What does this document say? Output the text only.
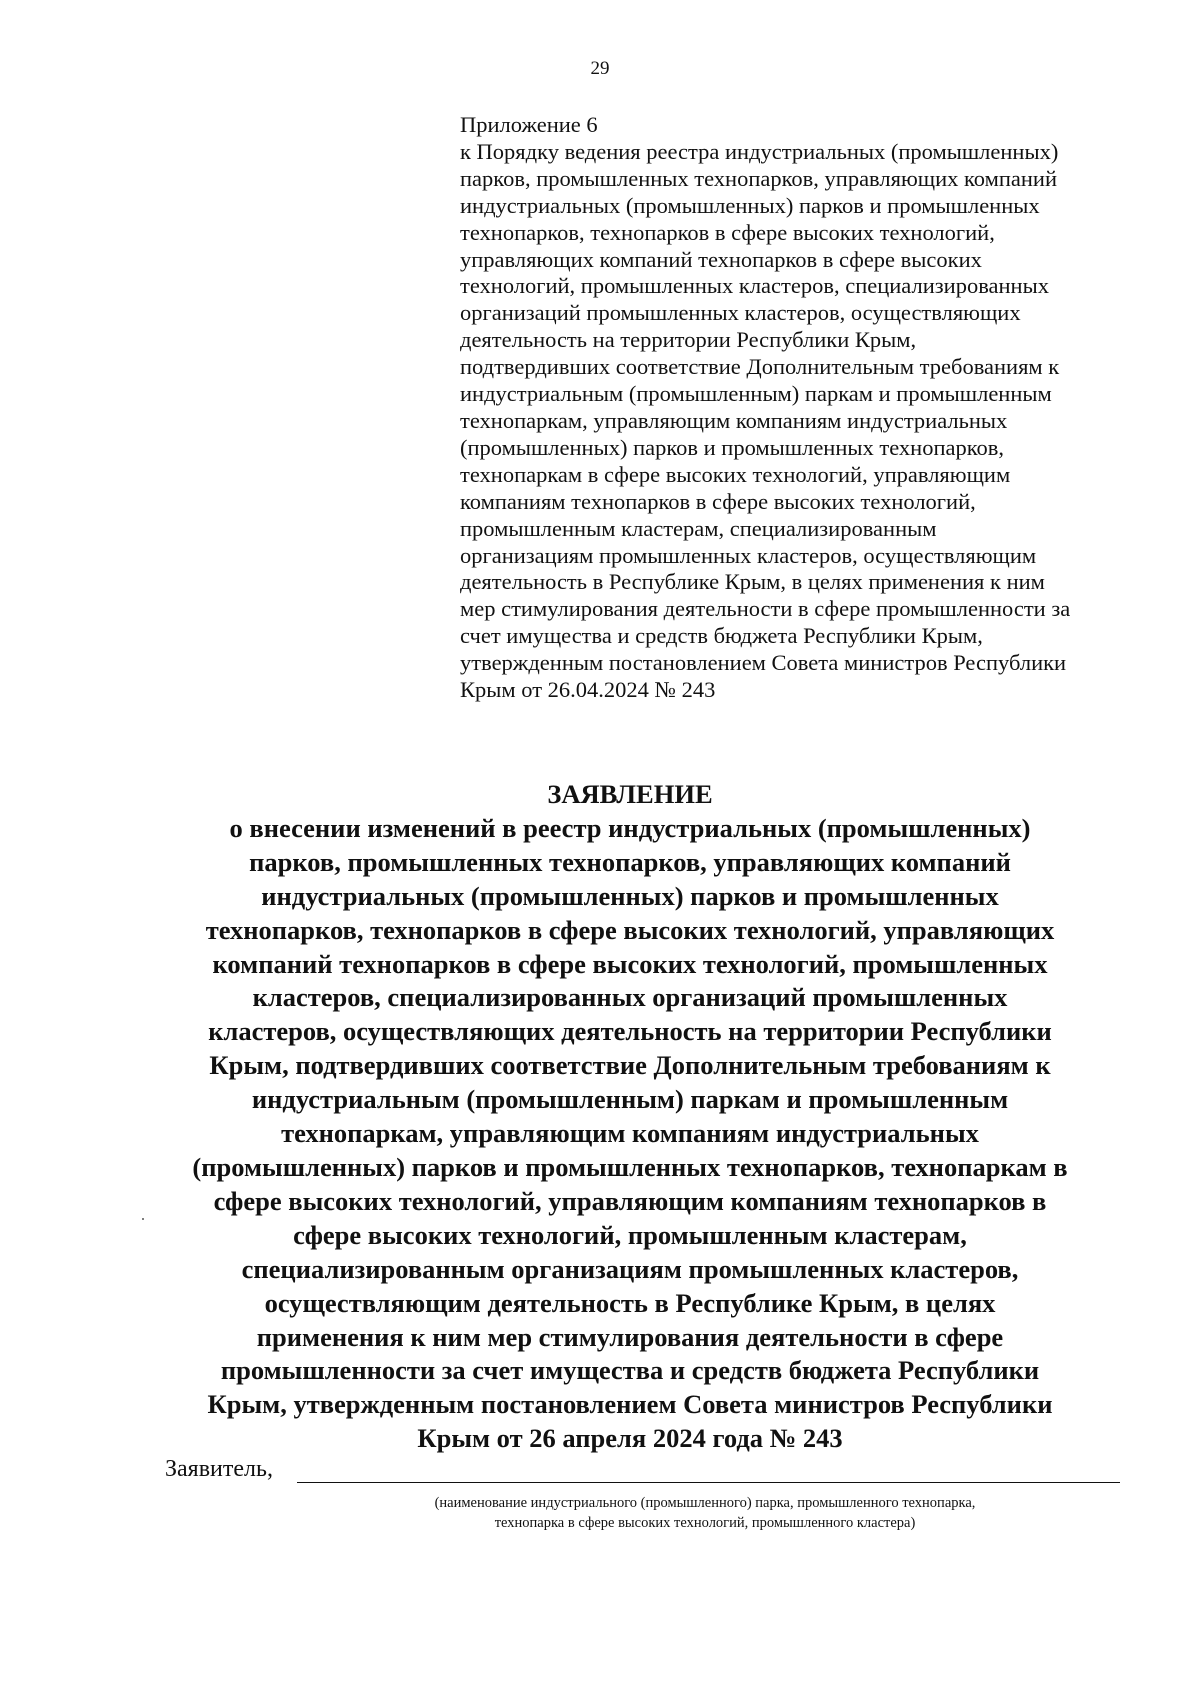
29
Приложение 6
к Порядку ведения реестра индустриальных (промышленных)
парков, промышленных технопарков, управляющих компаний
индустриальных (промышленных) парков и промышленных
технопарков, технопарков в сфере высоких технологий,
управляющих компаний технопарков в сфере высоких
технологий, промышленных кластеров, специализированных
организаций промышленных кластеров, осуществляющих
деятельность на территории Республики Крым,
подтвердивших соответствие Дополнительным требованиям к
индустриальным (промышленным) паркам и промышленным
технопаркам, управляющим компаниям индустриальных
(промышленных) парков и промышленных технопарков,
технопаркам в сфере высоких технологий, управляющим
компаниям технопарков в сфере высоких технологий,
промышленным кластерам, специализированным
организациям промышленных кластеров, осуществляющим
деятельность в Республике Крым, в целях применения к ним
мер стимулирования деятельности в сфере промышленности за
счет имущества и средств бюджета Республики Крым,
утвержденным постановлением Совета министров Республики
Крым от 26.04.2024 № 243
ЗАЯВЛЕНИЕ
о внесении изменений в реестр индустриальных (промышленных)
парков, промышленных технопарков, управляющих компаний
индустриальных (промышленных) парков и промышленных
технопарков, технопарков в сфере высоких технологий, управляющих
компаний технопарков в сфере высоких технологий, промышленных
кластеров, специализированных организаций промышленных
кластеров, осуществляющих деятельность на территории Республики
Крым, подтвердивших соответствие Дополнительным требованиям к
индустриальным (промышленным) паркам и промышленным
технопаркам, управляющим компаниям индустриальных
(промышленных) парков и промышленных технопарков, технопаркам в
сфере высоких технологий, управляющим компаниям технопарков в
сфере высоких технологий, промышленным кластерам,
специализированным организациям промышленных кластеров,
осуществляющим деятельность в Республике Крым, в целях
применения к ним мер стимулирования деятельности в сфере
промышленности за счет имущества и средств бюджета Республики
Крым, утвержденным постановлением Совета министров Республики
Крым от 26 апреля 2024 года № 243
Заявитель,
(наименование индустриального (промышленного) парка, промышленного технопарка,
технопарка в сфере высоких технологий, промышленного кластера)
